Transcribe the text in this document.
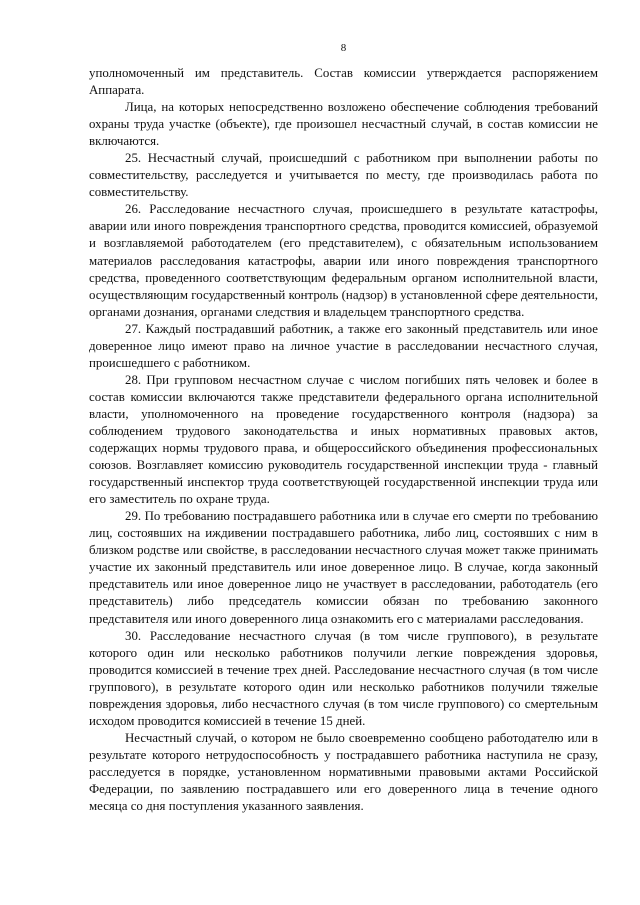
8

уполномоченный им представитель. Состав комиссии утверждается распоряжением Аппарата.

Лица, на которых непосредственно возложено обеспечение соблюдения требований охраны труда участке (объекте), где произошел несчастный случай, в состав комиссии не включаются.

25. Несчастный случай, происшедший с работником при выполнении работы по совместительству, расследуется и учитывается по месту, где производилась работа по совместительству.

26. Расследование несчастного случая, происшедшего в результате катастрофы, аварии или иного повреждения транспортного средства, проводится комиссией, образуемой и возглавляемой работодателем (его представителем), с обязательным использованием материалов расследования катастрофы, аварии или иного повреждения транспортного средства, проведенного соответствующим федеральным органом исполнительной власти, осуществляющим государственный контроль (надзор) в установленной сфере деятельности, органами дознания, органами следствия и владельцем транспортного средства.

27. Каждый пострадавший работник, а также его законный представитель или иное доверенное лицо имеют право на личное участие в расследовании несчастного случая, происшедшего с работником.

28. При групповом несчастном случае с числом погибших пять человек и более в состав комиссии включаются также представители федерального органа исполнительной власти, уполномоченного на проведение государственного контроля (надзора) за соблюдением трудового законодательства и иных нормативных правовых актов, содержащих нормы трудового права, и общероссийского объединения профессиональных союзов. Возглавляет комиссию руководитель государственной инспекции труда - главный государственный инспектор труда соответствующей государственной инспекции труда или его заместитель по охране труда.

29. По требованию пострадавшего работника или в случае его смерти по требованию лиц, состоявших на иждивении пострадавшего работника, либо лиц, состоявших с ним в близком родстве или свойстве, в расследовании несчастного случая может также принимать участие их законный представитель или иное доверенное лицо. В случае, когда законный представитель или иное доверенное лицо не участвует в расследовании, работодатель (его представитель) либо председатель комиссии обязан по требованию законного представителя или иного доверенного лица ознакомить его с материалами расследования.

30. Расследование несчастного случая (в том числе группового), в результате которого один или несколько работников получили легкие повреждения здоровья, проводится комиссией в течение трех дней. Расследование несчастного случая (в том числе группового), в результате которого один или несколько работников получили тяжелые повреждения здоровья, либо несчастного случая (в том числе группового) со смертельным исходом проводится комиссией в течение 15 дней.

Несчастный случай, о котором не было своевременно сообщено работодателю или в результате которого нетрудоспособность у пострадавшего работника наступила не сразу, расследуется в порядке, установленном нормативными правовыми актами Российской Федерации, по заявлению пострадавшего или его доверенного лица в течение одного месяца со дня поступления указанного заявления.
